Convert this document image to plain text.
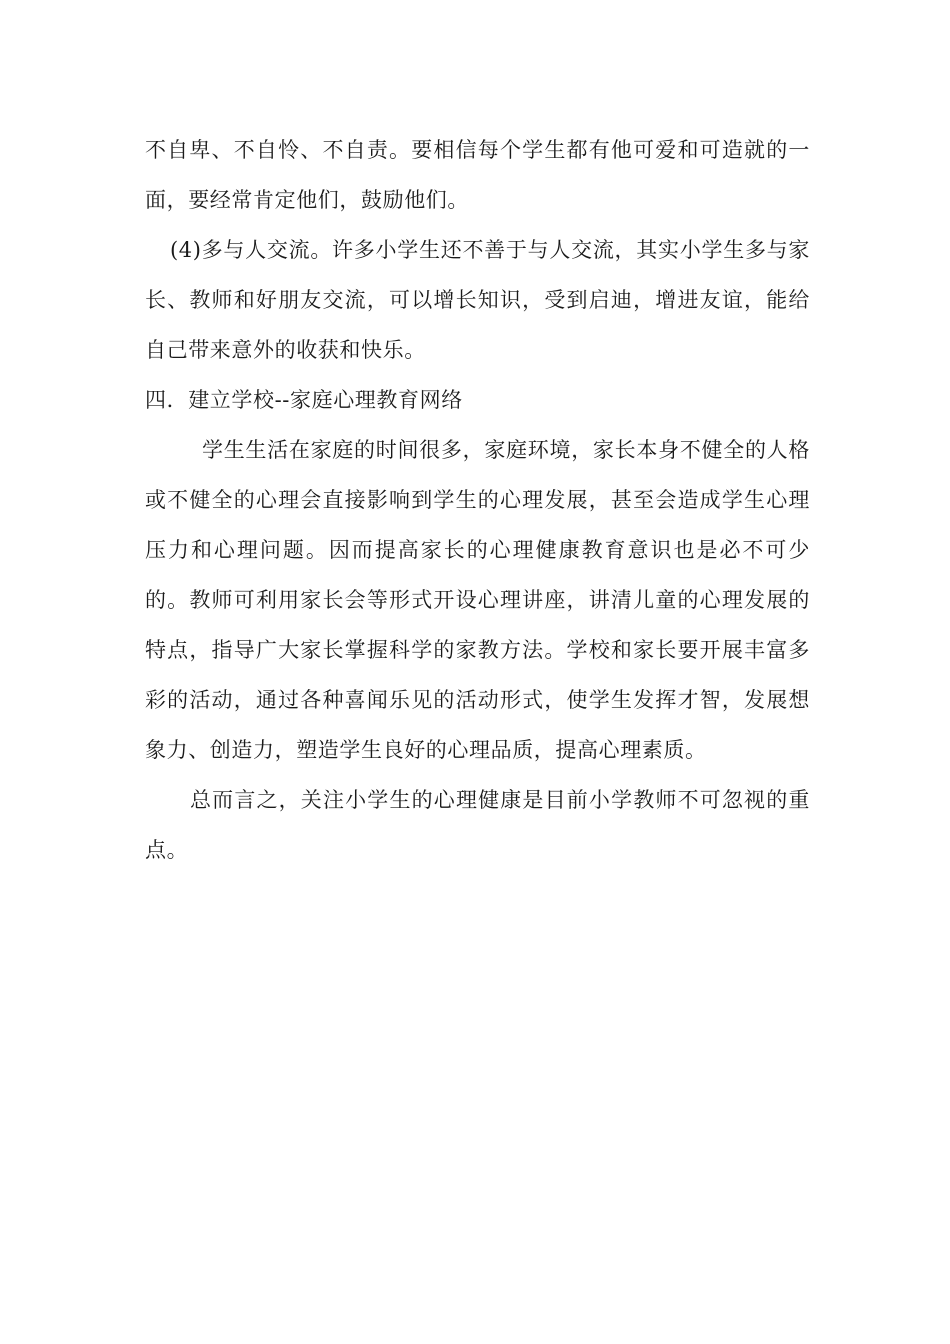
不自卑、不自怜、不自责。要相信每个学生都有他可爱和可造就的一面，要经常肯定他们，鼓励他们。

(4)多与人交流。许多小学生还不善于与人交流，其实小学生多与家长、教师和好朋友交流，可以增长知识，受到启迪，增进友谊，能给自己带来意外的收获和快乐。

四．建立学校--家庭心理教育网络

学生生活在家庭的时间很多，家庭环境，家长本身不健全的人格或不健全的心理会直接影响到学生的心理发展，甚至会造成学生心理压力和心理问题。因而提高家长的心理健康教育意识也是必不可少的。教师可利用家长会等形式开设心理讲座，讲清儿童的心理发展的特点，指导广大家长掌握科学的家教方法。学校和家长要开展丰富多彩的活动，通过各种喜闻乐见的活动形式，使学生发挥才智，发展想象力、创造力，塑造学生良好的心理品质，提高心理素质。

总而言之，关注小学生的心理健康是目前小学教师不可忽视的重点。
